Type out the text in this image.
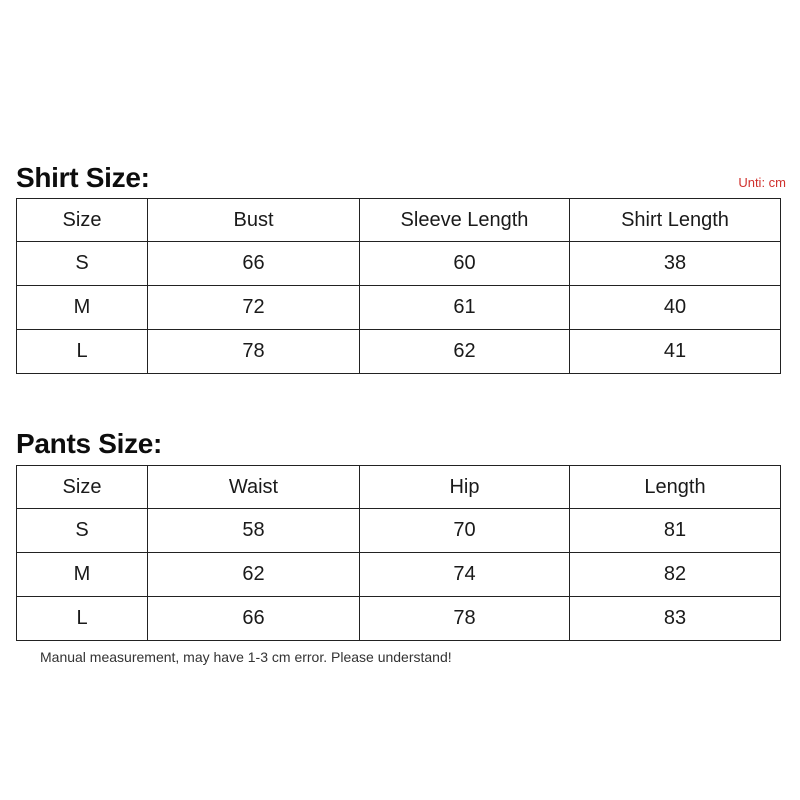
Shirt Size:	Unti: cm
Size	Bust	Sleeve Length	Shirt Length
S	66	60	38
M	72	61	40
L	78	62	41
Pants Size:
Size	Waist	Hip	Length
S	58	70	81
M	62	74	82
L	66	78	83
Manual measurement, may have 1-3 cm error. Please understand!
